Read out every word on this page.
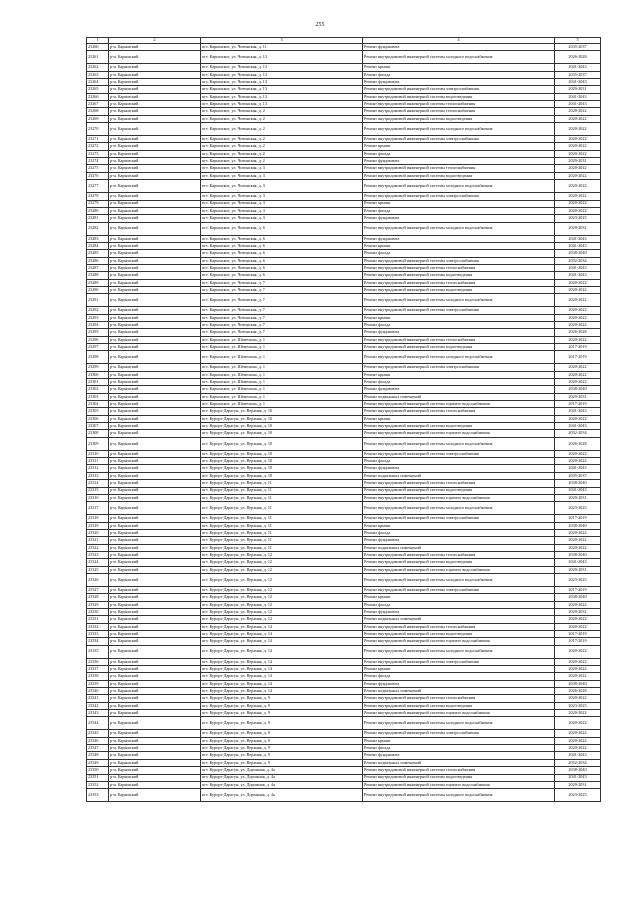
255
1	2	3	4	5
23260	р-н. Карымский	пгт. Карымское, ул. Читинская, д. 11	Ремонт фундамента	2035-2037
23261	р-н. Карымский	пгт. Карымское, ул. Читинская, д. 13	Ремонт внутридомовой инженерной системы холодного водоснабжения	2026-2028
23262	р-н. Карымский	пгт. Карымское, ул. Читинская, д. 13	Ремонт крыши	2041-2043
23263	р-н. Карымский	пгт. Карымское, ул. Читинская, д. 13	Ремонт фасада	2035-2037
23264	р-н. Карымский	пгт. Карымское, ул. Читинская, д. 13	Ремонт фундамента	2041-2043
23265	р-н. Карымский	пгт. Карымское, ул. Читинская, д. 13	Ремонт внутридомовой инженерной системы электроснабжения	2029-2031
23266	р-н. Карымский	пгт. Карымское, ул. Читинская, д. 13	Ремонт внутридомовой инженерной системы водоотведения	2041-2043
23267	р-н. Карымский	пгт. Карымское, ул. Читинская, д. 13	Ремонт внутридомовой инженерной системы теплоснабжения	2041-2043
23268	р-н. Карымский	пгт. Карымское, ул. Читинская, д. 2	Ремонт внутридомовой инженерной системы теплоснабжения	2020-2022
23269	р-н. Карымский	пгт. Карымское, ул. Читинская, д. 2	Ремонт внутридомовой инженерной системы водоотведения	2020-2022
23270	р-н. Карымский	пгт. Карымское, ул. Читинская, д. 2	Ремонт внутридомовой инженерной системы холодного водоснабжения	2020-2022
23271	р-н. Карымский	пгт. Карымское, ул. Читинская, д. 2	Ремонт внутридомовой инженерной системы электроснабжения	2020-2022
23272	р-н. Карымский	пгт. Карымское, ул. Читинская, д. 2	Ремонт крыши	2020-2022
23273	р-н. Карымский	пгт. Карымское, ул. Читинская, д. 2	Ремонт фасада	2020-2022
23274	р-н. Карымский	пгт. Карымское, ул. Читинская, д. 2	Ремонт фундамента	2029-2031
23275	р-н. Карымский	пгт. Карымское, ул. Читинская, д. 3	Ремонт внутридомовой инженерной системы теплоснабжения	2020-2022
23276	р-н. Карымский	пгт. Карымское, ул. Читинская, д. 3	Ремонт внутридомовой инженерной системы водоотведения	2020-2022
23277	р-н. Карымский	пгт. Карымское, ул. Читинская, д. 3	Ремонт внутридомовой инженерной системы холодного водоснабжения	2020-2022
23278	р-н. Карымский	пгт. Карымское, ул. Читинская, д. 3	Ремонт внутридомовой инженерной системы электроснабжения	2020-2022
23279	р-н. Карымский	пгт. Карымское, ул. Читинская, д. 3	Ремонт крыши	2020-2022
23280	р-н. Карымский	пгт. Карымское, ул. Читинская, д. 3	Ремонт фасада	2020-2022
23281	р-н. Карымский	пгт. Карымское, ул. Читинская, д. 3	Ремонт фундамента	2023-2025
23282	р-н. Карымский	пгт. Карымское, ул. Читинская, д. 6	Ремонт внутридомовой инженерной системы холодного водоснабжения	2029-2031
23283	р-н. Карымский	пгт. Карымское, ул. Читинская, д. 6	Ремонт фундамента	2041-2043
23284	р-н. Карымский	пгт. Карымское, ул. Читинская, д. 6	Ремонт крыши	2041-2043
23285	р-н. Карымский	пгт. Карымское, ул. Читинская, д. 6	Ремонт фасада	2038-2040
23286	р-н. Карымский	пгт. Карымское, ул. Читинская, д. 6	Ремонт внутридомовой инженерной системы электроснабжения	2032-2034
23287	р-н. Карымский	пгт. Карымское, ул. Читинская, д. 6	Ремонт внутридомовой инженерной системы теплоснабжения	2041-2043
23288	р-н. Карымский	пгт. Карымское, ул. Читинская, д. 6	Ремонт внутридомовой инженерной системы водоотведения	2041-2043
23289	р-н. Карымский	пгт. Карымское, ул. Читинская, д. 7	Ремонт внутридомовой инженерной системы теплоснабжения	2020-2022
23290	р-н. Карымский	пгт. Карымское, ул. Читинская, д. 7	Ремонт внутридомовой инженерной системы водоотведения	2020-2022
23291	р-н. Карымский	пгт. Карымское, ул. Читинская, д. 7	Ремонт внутридомовой инженерной системы холодного водоснабжения	2020-2022
23292	р-н. Карымский	пгт. Карымское, ул. Читинская, д. 7	Ремонт внутридомовой инженерной системы электроснабжения	2020-2022
23293	р-н. Карымский	пгт. Карымское, ул. Читинская, д. 7	Ремонт крыши	2020-2022
23294	р-н. Карымский	пгт. Карымское, ул. Читинская, д. 7	Ремонт фасада	2020-2022
23295	р-н. Карымский	пгт. Карымское, ул. Читинская, д. 7	Ремонт фундамента	2026-2028
23296	р-н. Карымский	пгт. Карымское, ул. Шемелина, д. 1	Ремонт внутридомовой инженерной системы теплоснабжения	2020-2022
23297	р-н. Карымский	пгт. Карымское, ул. Шемелина, д. 1	Ремонт внутридомовой инженерной системы водоотведения	2017-2019
23298	р-н. Карымский	пгт. Карымское, ул. Шемелина, д. 1	Ремонт внутридомовой инженерной системы холодного водоснабжения	2017-2019
23299	р-н. Карымский	пгт. Карымское, ул. Шемелина, д. 1	Ремонт внутридомовой инженерной системы электроснабжения	2020-2022
23300	р-н. Карымский	пгт. Карымское, ул. Шемелина, д. 1	Ремонт крыши	2020-2022
23301	р-н. Карымский	пгт. Карымское, ул. Шемелина, д. 1	Ремонт фасада	2020-2022
23302	р-н. Карымский	пгт. Карымское, ул. Шемелина, д. 1	Ремонт фундамента	2038-2040
23303	р-н. Карымский	пгт. Карымское, ул. Шемелина, д. 1	Ремонт подвальных помещений	2029-2031
23304	р-н. Карымский	пгт. Карымское, ул. Шемелина, д. 1	Ремонт внутридомовой инженерной системы горячего водоснабжения	2017-2019
23305	р-н. Карымский	пгт. Курорт-Дарасун, ул. Верхняя, д. 10	Ремонт внутридомовой инженерной системы теплоснабжения	2041-2043
23306	р-н. Карымский	пгт. Курорт-Дарасун, ул. Верхняя, д. 10	Ремонт крыши	2020-2022
23307	р-н. Карымский	пгт. Курорт-Дарасун, ул. Верхняя, д. 10	Ремонт внутридомовой инженерной системы водоотведения	2041-2043
23308	р-н. Карымский	пгт. Курорт-Дарасун, ул. Верхняя, д. 10	Ремонт внутридомовой инженерной системы горячего водоснабжения	2032-2034
23309	р-н. Карымский	пгт. Курорт-Дарасун, ул. Верхняя, д. 10	Ремонт внутридомовой инженерной системы холодного водоснабжения	2026-2028
23310	р-н. Карымский	пгт. Курорт-Дарасун, ул. Верхняя, д. 10	Ремонт внутридомовой инженерной системы электроснабжения	2020-2022
23311	р-н. Карымский	пгт. Курорт-Дарасун, ул. Верхняя, д. 10	Ремонт фасада	2020-2022
23312	р-н. Карымский	пгт. Курорт-Дарасун, ул. Верхняя, д. 10	Ремонт фундамента	2041-2043
23313	р-н. Карымский	пгт. Курорт-Дарасун, ул. Верхняя, д. 10	Ремонт подвальных помещений	2035-2037
23314	р-н. Карымский	пгт. Курорт-Дарасун, ул. Верхняя, д. 11	Ремонт внутридомовой инженерной системы теплоснабжения	2038-2040
23315	р-н. Карымский	пгт. Курорт-Дарасун, ул. Верхняя, д. 11	Ремонт внутридомовой инженерной системы водоотведения	2041-2043
23316	р-н. Карымский	пгт. Курорт-Дарасун, ул. Верхняя, д. 11	Ремонт внутридомовой инженерной системы горячего водоснабжения	2029-2031
23317	р-н. Карымский	пгт. Курорт-Дарасун, ул. Верхняя, д. 11	Ремонт внутридомовой инженерной системы холодного водоснабжения	2023-2025
23318	р-н. Карымский	пгт. Курорт-Дарасун, ул. Верхняя, д. 11	Ремонт внутридомовой инженерной системы электроснабжения	2017-2019
23319	р-н. Карымский	пгт. Курорт-Дарасун, ул. Верхняя, д. 11	Ремонт крыши	2038-2040
23320	р-н. Карымский	пгт. Курорт-Дарасун, ул. Верхняя, д. 11	Ремонт фасада	2020-2022
23321	р-н. Карымский	пгт. Курорт-Дарасун, ул. Верхняя, д. 11	Ремонт фундамента	2020-2022
23322	р-н. Карымский	пгт. Курорт-Дарасун, ул. Верхняя, д. 11	Ремонт подвальных помещений	2020-2022
23323	р-н. Карымский	пгт. Курорт-Дарасун, ул. Верхняя, д. 12	Ремонт внутридомовой инженерной системы теплоснабжения	2038-2040
23324	р-н. Карымский	пгт. Курорт-Дарасун, ул. Верхняя, д. 12	Ремонт внутридомовой инженерной системы водоотведения	2041-2043
23325	р-н. Карымский	пгт. Курорт-Дарасун, ул. Верхняя, д. 12	Ремонт внутридомовой инженерной системы горячего водоснабжения	2029-2031
23326	р-н. Карымский	пгт. Курорт-Дарасун, ул. Верхняя, д. 12	Ремонт внутридомовой инженерной системы холодного водоснабжения	2023-2025
23327	р-н. Карымский	пгт. Курорт-Дарасун, ул. Верхняя, д. 12	Ремонт внутридомовой инженерной системы электроснабжения	2017-2019
23328	р-н. Карымский	пгт. Курорт-Дарасун, ул. Верхняя, д. 12	Ремонт крыши	2038-2040
23329	р-н. Карымский	пгт. Курорт-Дарасун, ул. Верхняя, д. 12	Ремонт фасада	2020-2022
23330	р-н. Карымский	пгт. Курорт-Дарасун, ул. Верхняя, д. 12	Ремонт фундамента	2029-2031
23331	р-н. Карымский	пгт. Курорт-Дарасун, ул. Верхняя, д. 12	Ремонт подвальных помещений	2020-2022
23332	р-н. Карымский	пгт. Курорт-Дарасун, ул. Верхняя, д. 14	Ремонт внутридомовой инженерной системы теплоснабжения	2020-2022
23333	р-н. Карымский	пгт. Курорт-Дарасун, ул. Верхняя, д. 14	Ремонт внутридомовой инженерной системы водоотведения	2017-2019
23334	р-н. Карымский	пгт. Курорт-Дарасун, ул. Верхняя, д. 14	Ремонт внутридомовой инженерной системы горячего водоснабжения	2017-2019
23335	р-н. Карымский	пгт. Курорт-Дарасун, ул. Верхняя, д. 14	Ремонт внутридомовой инженерной системы холодного водоснабжения	2020-2022
23336	р-н. Карымский	пгт. Курорт-Дарасун, ул. Верхняя, д. 14	Ремонт внутридомовой инженерной системы электроснабжения	2020-2022
23337	р-н. Карымский	пгт. Курорт-Дарасун, ул. Верхняя, д. 14	Ремонт крыши	2020-2022
23338	р-н. Карымский	пгт. Курорт-Дарасун, ул. Верхняя, д. 14	Ремонт фасада	2020-2022
23339	р-н. Карымский	пгт. Курорт-Дарасун, ул. Верхняя, д. 14	Ремонт фундамента	2038-2040
23340	р-н. Карымский	пгт. Курорт-Дарасун, ул. Верхняя, д. 14	Ремонт подвальных помещений	2026-2028
23341	р-н. Карымский	пгт. Курорт-Дарасун, ул. Верхняя, д. 9	Ремонт внутридомовой инженерной системы теплоснабжения	2020-2022
23342	р-н. Карымский	пгт. Курорт-Дарасун, ул. Верхняя, д. 9	Ремонт внутридомовой инженерной системы водоотведения	2023-2025
23343	р-н. Карымский	пгт. Курорт-Дарасун, ул. Верхняя, д. 9	Ремонт внутридомовой инженерной системы горячего водоснабжения	2020-2022
23344	р-н. Карымский	пгт. Курорт-Дарасун, ул. Верхняя, д. 9	Ремонт внутридомовой инженерной системы холодного водоснабжения	2020-2022
23345	р-н. Карымский	пгт. Курорт-Дарасун, ул. Верхняя, д. 9	Ремонт внутридомовой инженерной системы электроснабжения	2020-2022
23346	р-н. Карымский	пгт. Курорт-Дарасун, ул. Верхняя, д. 9	Ремонт крыши	2020-2022
23347	р-н. Карымский	пгт. Курорт-Дарасун, ул. Верхняя, д. 9	Ремонт фасада	2020-2022
23348	р-н. Карымский	пгт. Курорт-Дарасун, ул. Верхняя, д. 9	Ремонт фундамента	2041-2043
23349	р-н. Карымский	пгт. Курорт-Дарасун, ул. Верхняя, д. 9	Ремонт подвальных помещений	2032-2034
23350	р-н. Карымский	пгт. Курорт-Дарасун, ул. Дорожная, д. 4а	Ремонт внутридомовой инженерной системы теплоснабжения	2038-2040
23351	р-н. Карымский	пгт. Курорт-Дарасун, ул. Дорожная, д. 4а	Ремонт внутридомовой инженерной системы водоотведения	2041-2043
23352	р-н. Карымский	пгт. Курорт-Дарасун, ул. Дорожная, д. 4а	Ремонт внутридомовой инженерной системы горячего водоснабжения	2029-2031
23353	р-н. Карымский	пгт. Курорт-Дарасун, ул. Дорожная, д. 4а	Ремонт внутридомовой инженерной системы холодного водоснабжения	2023-2025
